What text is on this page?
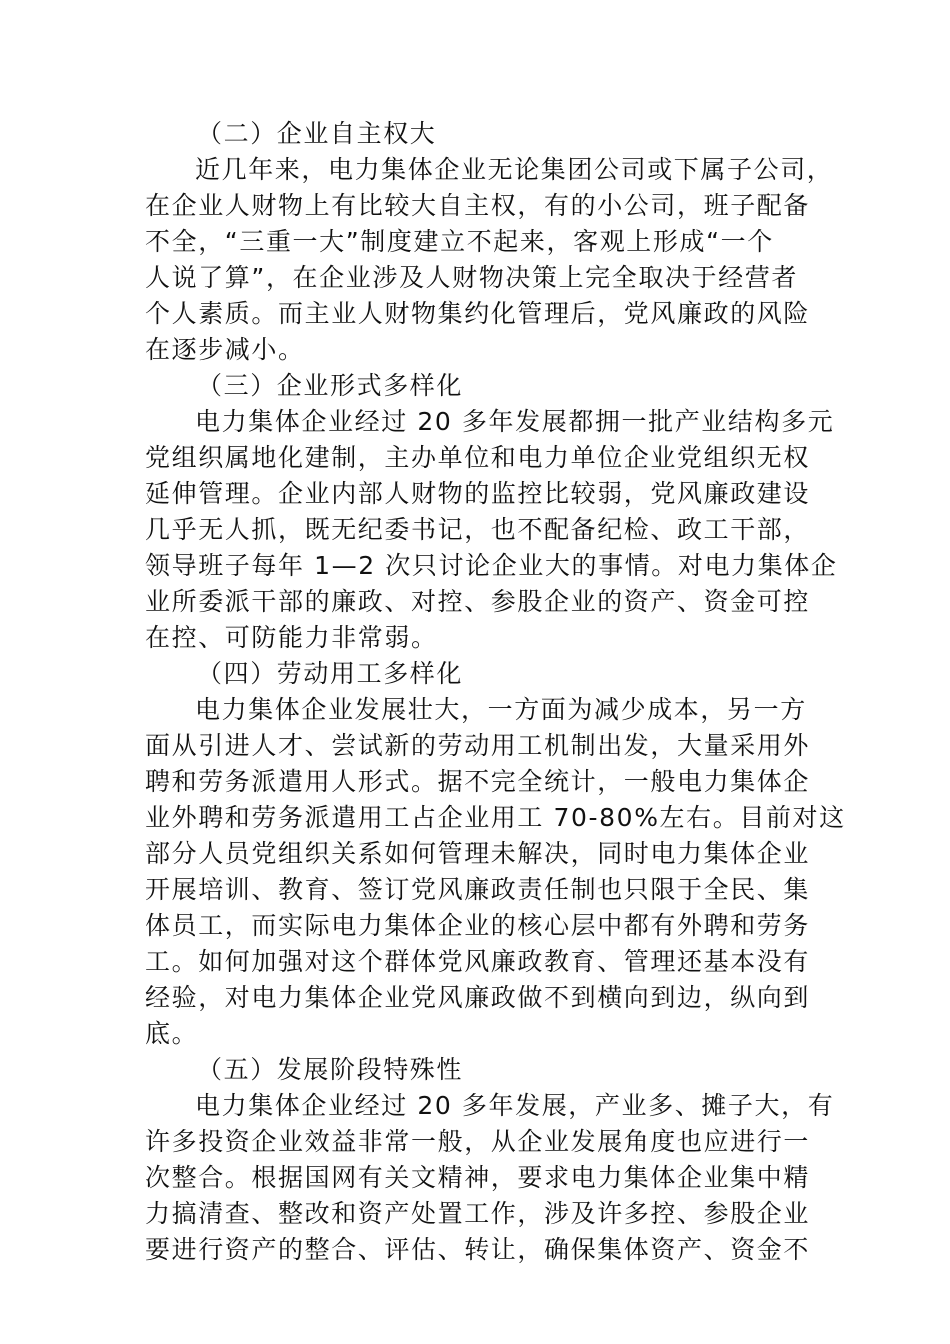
（二）企业自主权大
近几年来，电力集体企业无论集团公司或下属子公司，
在企业人财物上有比较大自主权，有的小公司，班子配备
不全，“三重一大”制度建立不起来，客观上形成“一个
人说了算”，在企业涉及人财物决策上完全取决于经营者
个人素质。而主业人财物集约化管理后，党风廉政的风险
在逐步减小。
（三）企业形式多样化
电力集体企业经过 20 多年发展都拥一批产业结构多元
党组织属地化建制，主办单位和电力单位企业党组织无权
延伸管理。企业内部人财物的监控比较弱，党风廉政建设
几乎无人抓，既无纪委书记，也不配备纪检、政工干部，
领导班子每年 1—2 次只讨论企业大的事情。对电力集体企
业所委派干部的廉政、对控、参股企业的资产、资金可控
在控、可防能力非常弱。
（四）劳动用工多样化
电力集体企业发展壮大，一方面为减少成本，另一方
面从引进人才、尝试新的劳动用工机制出发，大量采用外
聘和劳务派遣用人形式。据不完全统计，一般电力集体企
业外聘和劳务派遣用工占企业用工 70-80%左右。目前对这
部分人员党组织关系如何管理未解决，同时电力集体企业
开展培训、教育、签订党风廉政责任制也只限于全民、集
体员工，而实际电力集体企业的核心层中都有外聘和劳务
工。如何加强对这个群体党风廉政教育、管理还基本没有
经验，对电力集体企业党风廉政做不到横向到边，纵向到
底。
（五）发展阶段特殊性
电力集体企业经过 20 多年发展，产业多、摊子大，有
许多投资企业效益非常一般，从企业发展角度也应进行一
次整合。根据国网有关文精神，要求电力集体企业集中精
力搞清查、整改和资产处置工作，涉及许多控、参股企业
要进行资产的整合、评估、转让，确保集体资产、资金不
